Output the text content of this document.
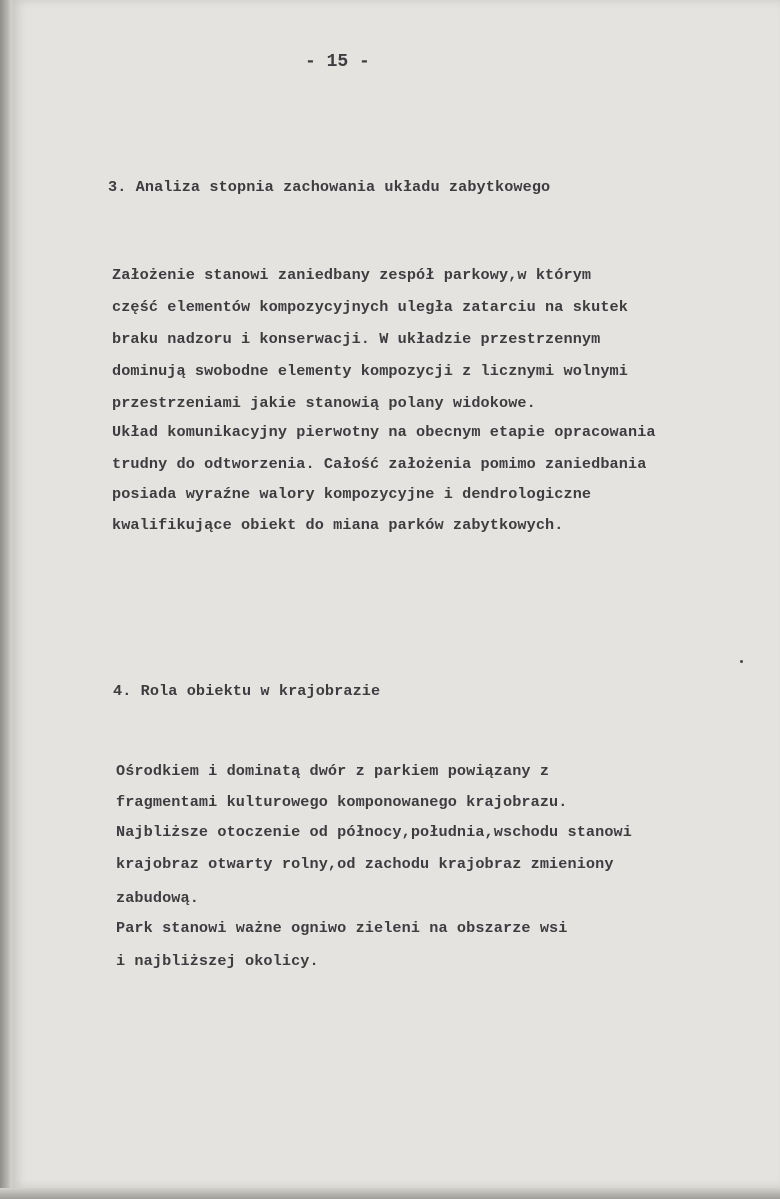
- 15 -
3. Analiza stopnia zachowania układu zabytkowego
Założenie stanowi zaniedbany zespół parkowy,w którym
część elementów kompozycyjnych uległa zatarciu na skutek
braku nadzoru i konserwacji. W układzie przestrzennym
dominują swobodne elementy kompozycji z licznymi wolnymi
przestrzeniami jakie stanowią polany widokowe.
Układ komunikacyjny pierwotny na obecnym etapie opracowania
trudny do odtworzenia. Całość założenia pomimo zaniedbania
posiada wyraźne walory kompozycyjne i dendrologiczne
kwalifikujące obiekt do miana parków zabytkowych.
4. Rola obiektu w krajobrazie
Ośrodkiem i dominatą dwór z parkiem powiązany z
fragmentami kulturowego komponowanego krajobrazu.
Najbliższe otoczenie od północy,południa,wschodu stanowi
krajobraz otwarty rolny,od zachodu krajobraz zmieniony
zabudową.
Park stanowi ważne ogniwo zieleni na obszarze wsi
i najbliższej okolicy.
